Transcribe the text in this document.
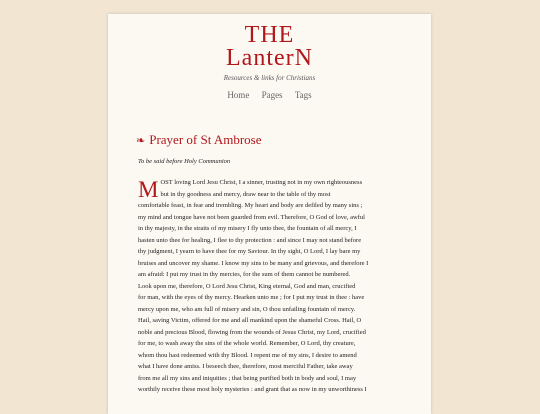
THE
LanterN
Resources & links for Christians
Home Pages Tags
❧ Prayer of St Ambrose
To be said before Holy Communion
M OST loving Lord Jesu Christ, I a sinner, trusting not in my own righteousness
but in thy goodness and mercy, draw near to the table of thy most
comfortable feast, in fear and trembling. My heart and body are defiled by many sins ;
my mind and tongue have not been guarded from evil. Therefore, O God of love, awful
in thy majesty, in the straits of my misery I fly unto thee, the fountain of all mercy, I
hasten unto thee for healing, I flee to thy protection : and since I may not stand before
thy judgment, I yearn to have thee for my Saviour. In thy sight, O Lord, I lay bare my
bruises and uncover my shame. I know my sins to be many and grievous, and therefore I
am afraid: I put my trust in thy mercies, for the sum of them cannot be numbered.
Look upon me, therefore, O Lord Jesu Christ, King eternal, God and man, crucified
for man, with the eyes of thy mercy. Hearken unto me ; for I put my trust in thee : have
mercy upon me, who am full of misery and sin, O thou unfailing fountain of mercy.
Hail, saving Victim, offered for me and all mankind upon the shameful Cross. Hail, O
noble and precious Blood, flowing from the wounds of Jesus Christ, my Lord, crucified
for me, to wash away the sins of the whole world. Remember, O Lord, thy creature,
whom thou hast redeemed with thy Blood. I repent me of my sins, I desire to amend
what I have done amiss. I beseech thee, therefore, most merciful Father, take away
from me all my sins and iniquities ; that being purified both in body and soul, I may
worthily receive these most holy mysteries : and grant that as now in my unworthiness I
